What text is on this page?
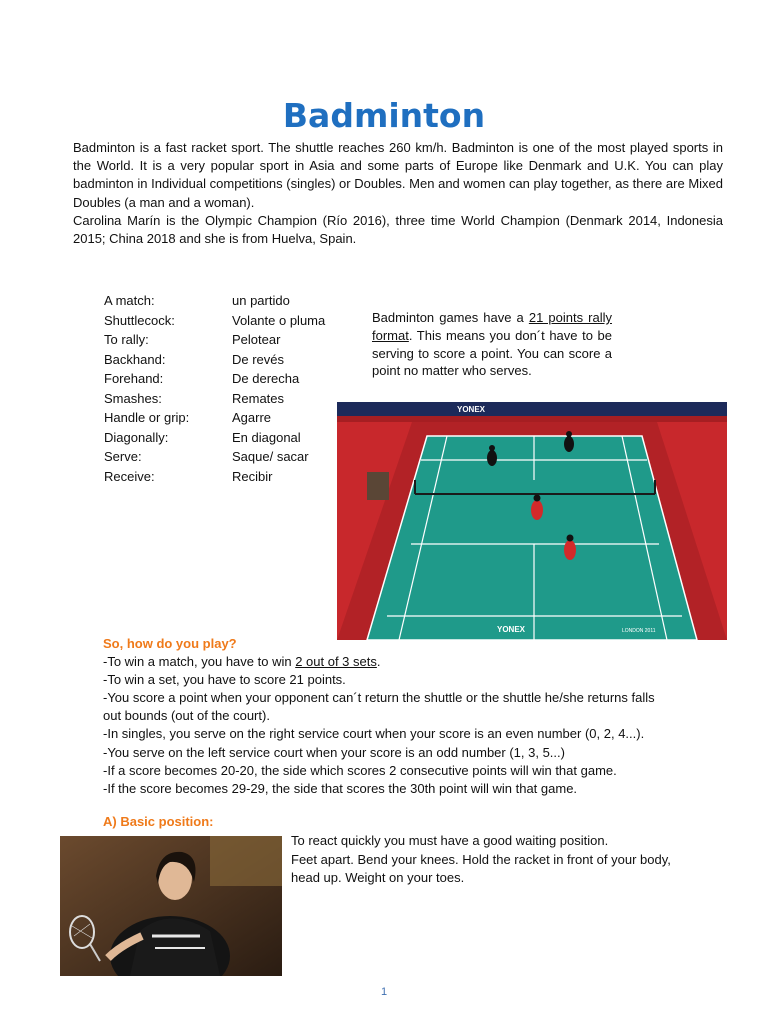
Badminton

Badminton is a fast racket sport. The shuttle reaches 260 km/h. Badminton is one of the most played sports in the World. It is a very popular sport in Asia and some parts of Europe like Denmark and U.K. You can play badminton in Individual competitions (singles) or Doubles. Men and women can play together, as there are Mixed Doubles (a man and a woman).

Carolina Marín is the Olympic Champion (Río 2016), three time World Champion (Denmark 2014, Indonesia 2015; China 2018 and she is from Huelva, Spain.

A match:	un partido
Shuttlecock:	Volante o pluma
To rally:	Pelotear
Backhand:	De revés
Forehand:	De derecha
Smashes:	Remates
Handle or grip:	Agarre
Diagonally:	En diagonal
Serve:	Saque/ sacar
Receive:	Recibir
Badminton games have a 21 points rally format. This means you don´t have to be serving to score a point. You can score a point no matter who serves.
YONEX
YONEX	LONDON 2011
So, how do you play?
-To win a match, you have to win 2 out of 3 sets.
-To win a set, you have to score 21 points.
-You score a point when your opponent can´t return the shuttle or the shuttle he/she returns falls
out bounds (out of the court).
-In singles, you serve on the right service court when your score is an even number (0, 2, 4...).
-You serve on the left service court when your score is an odd number (1, 3, 5...)
-If a score becomes 20-20, the side which scores 2 consecutive points will win that game.
-If the score becomes 29-29, the side that scores the 30th point will win that game.
A) Basic position:
To react quickly you must have a good waiting position.
Feet apart. Bend your knees. Hold the racket in front of your body,
head up. Weight on your toes.
1
